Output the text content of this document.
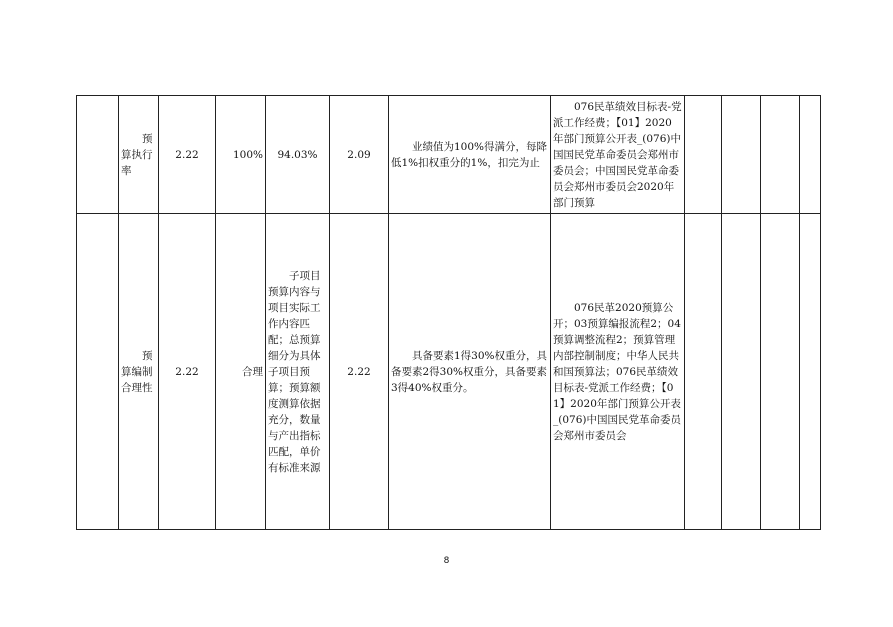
	预算执行率	2.22	100%	94.03%	2.09	业绩值为100%得满分，每降低1%扣权重分的1%，扣完为止	076民革绩效目标表-党派工作经费；【01】2020年部门预算公开表_(076)中国国民党革命委员会郑州市委员会；中国国民党革命委员会郑州市委员会2020年部门预算				
	预算编制合理性	2.22	合理	子项目预算内容与项目实际工作内容匹配；总预算细分为具体子项目预算；预算额度测算依据充分，数量与产出指标匹配，单价有标准来源	2.22	具备要素1得30%权重分，具备要素2得30%权重分，具备要素3得40%权重分。	076民革2020预算公开；03预算编报流程2；04预算调整流程2；预算管理内部控制制度；中华人民共和国预算法；076民革绩效目标表-党派工作经费；【01】2020年部门预算公开表_(076)中国国民党革命委员会郑州市委员会				
8
